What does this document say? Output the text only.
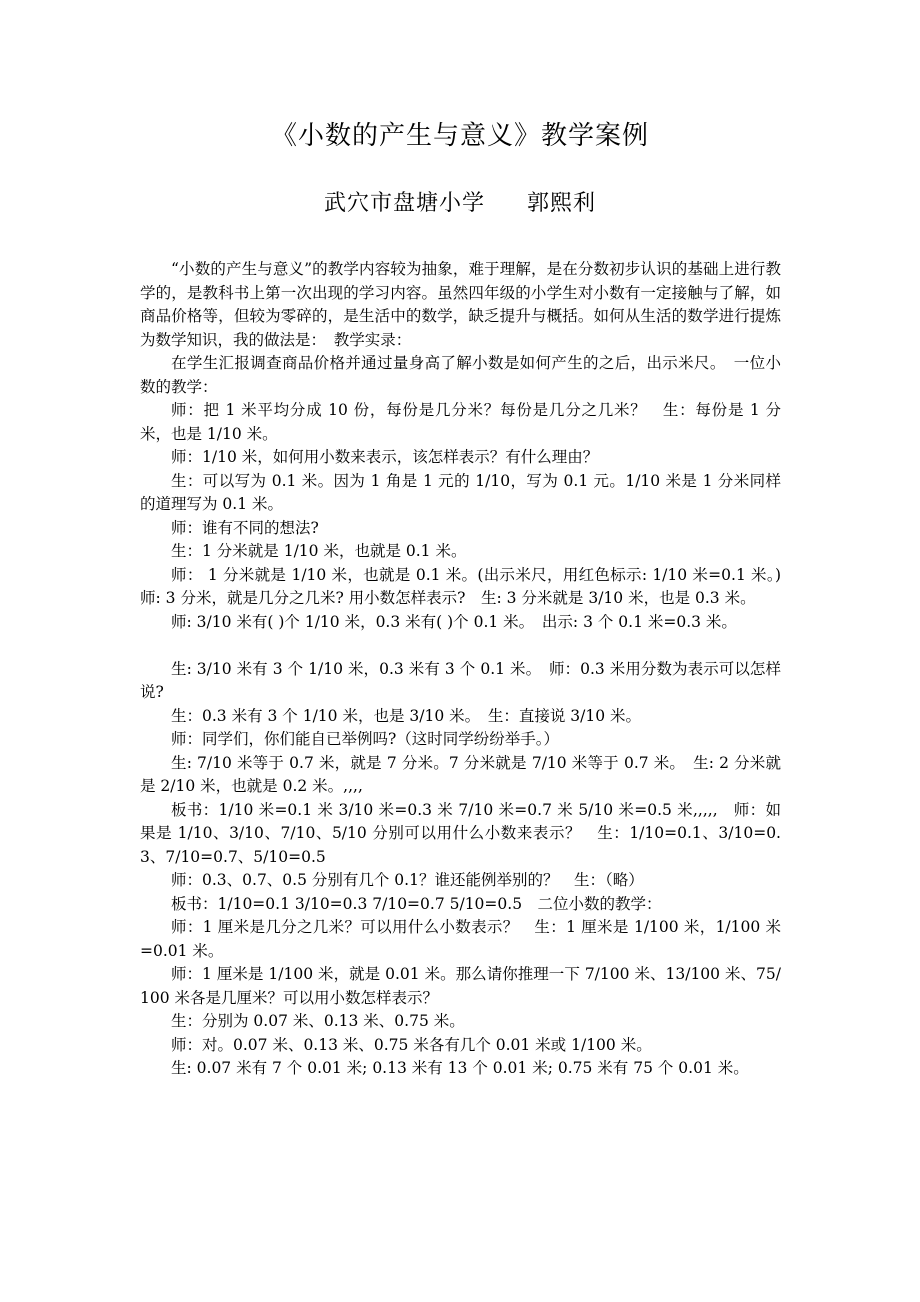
《小数的产生与意义》教学案例
武穴市盘塘小学 郭熙利

“小数的产生与意义”的教学内容较为抽象，难于理解，是在分数初步认识的基础上进行教学的，是教科书上第一次出现的学习内容。虽然四年级的小学生对小数有一定接触与了解，如商品价格等，但较为零碎的，是生活中的数学，缺乏提升与概括。如何从生活的数学进行提炼为数学知识，我的做法是：　教学实录：

在学生汇报调查商品价格并通过量身高了解小数是如何产生的之后，出示米尺。　一位小数的教学：

师：把 1 米平均分成 10 份，每份是几分米？每份是几分之几米？　生：每份是 1 分米，也是 1/10 米。

师：1/10 米，如何用小数来表示，该怎样表示？有什么理由？

生：可以写为 0.1 米。因为 1 角是 1 元的 1/10，写为 0.1 元。1/10 米是 1 分米同样的道理写为 0.1 米。

师：谁有不同的想法?

生：1 分米就是 1/10 米，也就是 0.1 米。

师： 1 分米就是 1/10 米，也就是 0.1 米。(出示米尺，用红色标示: 1/10 米=0.1 米。)　师: 3 分米，就是几分之几米? 用小数怎样表示?　生: 3 分米就是 3/10 米，也是 0.3 米。

师: 3/10 米有( )个 1/10 米，0.3 米有( )个 0.1 米。　出示: 3 个 0.1 米=0.3 米。

生: 3/10 米有 3 个 1/10 米，0.3 米有 3 个 0.1 米。　师：0.3 米用分数为表示可以怎样说?

生：0.3 米有 3 个 1/10 米，也是 3/10 米。　生：直接说 3/10 米。

师：同学们，你们能自已举例吗?（这时同学纷纷举手。）

生: 7/10 米等于 0.7 米，就是 7 分米。7 分米就是 7/10 米等于 0.7 米。　生: 2 分米就是 2/10 米，也就是 0.2 米。,,,,

板书：1/10 米=0.1 米 3/10 米=0.3 米 7/10 米=0.7 米 5/10 米=0.5 米,,,,,　师：如果是 1/10、3/10、7/10、5/10 分别可以用什么小数来表示？　生：1/10=0.1、3/10=0.3、7/10=0.7、5/10=0.5

师：0.3、0.7、0.5 分别有几个 0.1？谁还能例举别的？　生：（略）

板书：1/10=0.1 3/10=0.3 7/10=0.7 5/10=0.5　二位小数的教学：

师：1 厘米是几分之几米？可以用什么小数表示？　生：1 厘米是 1/100 米，1/100 米=0.01 米。

师：1 厘米是 1/100 米，就是 0.01 米。那么请你推理一下 7/100 米、13/100 米、75/100 米各是几厘米？可以用小数怎样表示？

生：分别为 0.07 米、0.13 米、0.75 米。

师：对。0.07 米、0.13 米、0.75 米各有几个 0.01 米或 1/100 米。

生: 0.07 米有 7 个 0.01 米; 0.13 米有 13 个 0.01 米; 0.75 米有 75 个 0.01 米。
